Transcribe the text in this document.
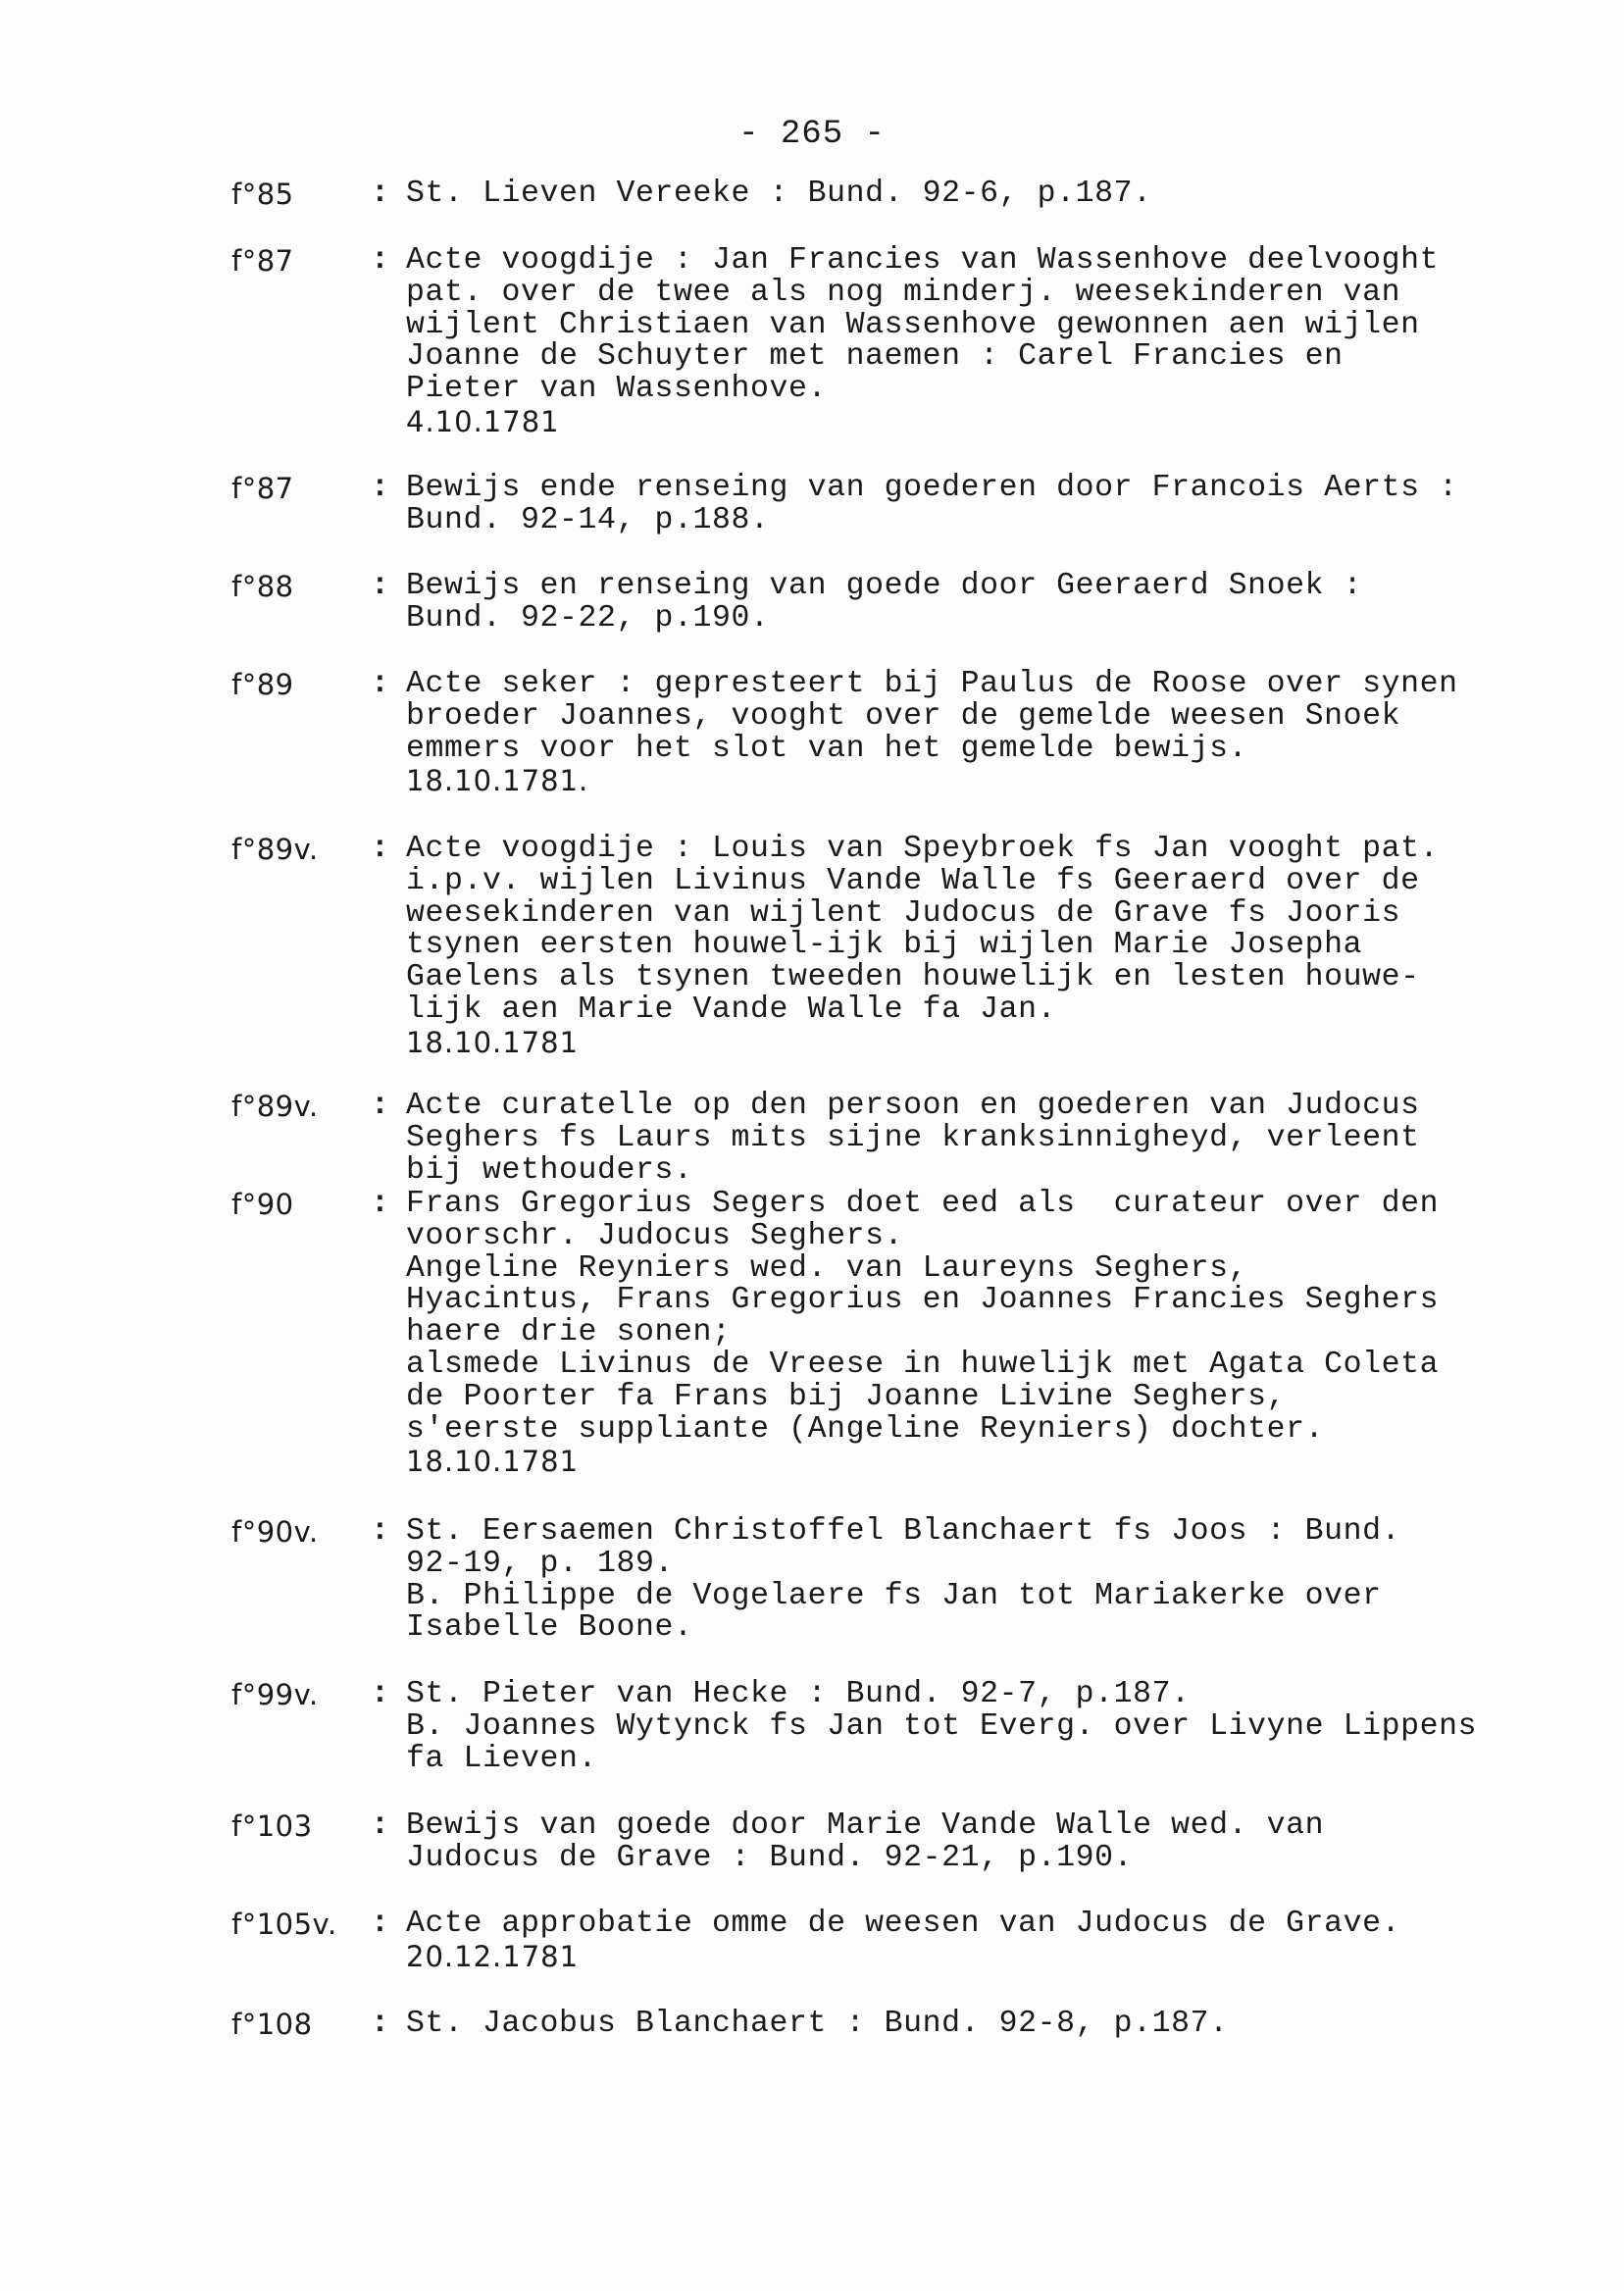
- 265 -
f°85	: St. Lieven Vereeke : Bund. 92-6, p.187.
f°87	: Acte voogdije : Jan Francies van Wassenhove deelvooght
pat. over de twee als nog minderj. weesekinderen van
wijlent Christiaen van Wassenhove gewonnen aen wijlen
Joanne de Schuyter met naemen : Carel Francies en
Pieter van Wassenhove.
4.10.1781
f°87	: Bewijs ende renseing van goederen door Francois Aerts :
Bund. 92-14, p.188.
f°88	: Bewijs en renseing van goede door Geeraerd Snoek :
Bund. 92-22, p.190.
f°89	: Acte seker : gepresteert bij Paulus de Roose over synen
broeder Joannes, vooght over de gemelde weesen Snoek
emmers voor het slot van het gemelde bewijs.
18.10.1781.
f°89v.	: Acte voogdije : Louis van Speybroek fs Jan vooght pat.
i.p.v. wijlen Livinus Vande Walle fs Geeraerd over de
weesekinderen van wijlent Judocus de Grave fs Jooris
tsynen eersten houwel-ijk bij wijlen Marie Josepha
Gaelens als tsynen tweeden houwelijk en lesten houwe-
lijk aen Marie Vande Walle fa Jan.
18.10.1781
f°89v.	: Acte curatelle op den persoon en goederen van Judocus
Seghers fs Laurs mits sijne kranksinnigheyd, verleent
bij wethouders.
f°90	: Frans Gregorius Segers doet eed als  curateur over den
voorschr. Judocus Seghers.
Angeline Reyniers wed. van Laureyns Seghers,
Hyacintus, Frans Gregorius en Joannes Francies Seghers
haere drie sonen;
alsmede Livinus de Vreese in huwelijk met Agata Coleta
de Poorter fa Frans bij Joanne Livine Seghers,
s'eerste suppliante (Angeline Reyniers) dochter.
18.10.1781
f°90v.	: St. Eersaemen Christoffel Blanchaert fs Joos : Bund.
92-19, p. 189.
B. Philippe de Vogelaere fs Jan tot Mariakerke over
Isabelle Boone.
f°99v.	: St. Pieter van Hecke : Bund. 92-7, p.187.
B. Joannes Wytynck fs Jan tot Everg. over Livyne Lippens
fa Lieven.
f°103	: Bewijs van goede door Marie Vande Walle wed. van
Judocus de Grave : Bund. 92-21, p.190.
f°105v.	: Acte approbatie omme de weesen van Judocus de Grave.
20.12.1781
f°108	: St. Jacobus Blanchaert : Bund. 92-8, p.187.
